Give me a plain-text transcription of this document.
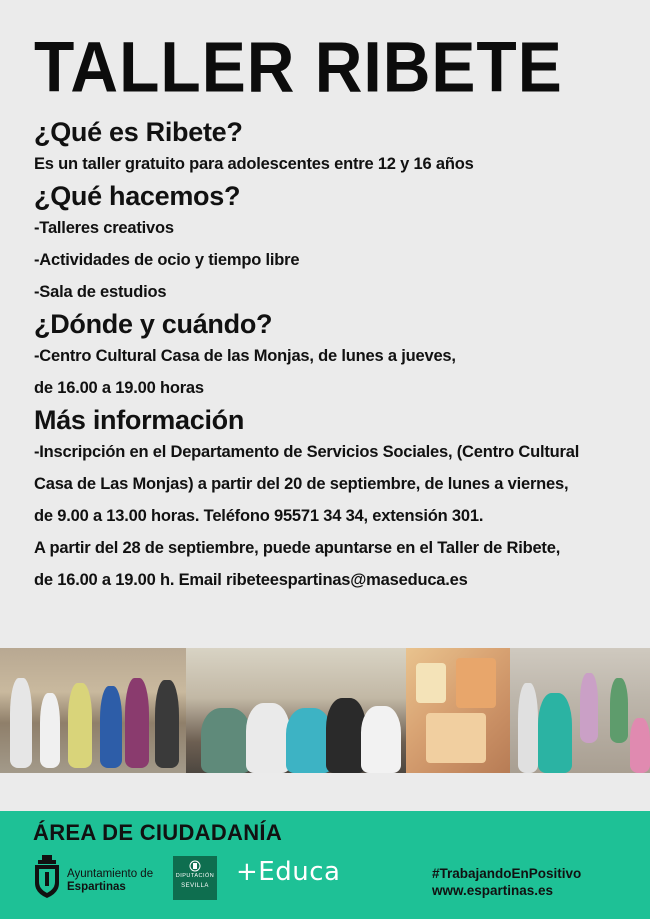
TALLER RIBETE

¿Qué es Ribete?

Es un taller gratuito para adolescentes entre 12 y 16 años

¿Qué hacemos?

-Talleres creativos

-Actividades de ocio y tiempo libre

-Sala de estudios

¿Dónde y cuándo?

-Centro Cultural Casa de las Monjas, de lunes a jueves,

de 16.00 a 19.00 horas

Más información

-Inscripción en el Departamento de Servicios Sociales, (Centro Cultural

Casa de Las Monjas) a partir del 20 de septiembre, de lunes a viernes,

de 9.00 a 13.00 horas. Teléfono 95571 34 34, extensión 301.

A partir del 28 de septiembre, puede apuntarse en el Taller de Ribete,

de 16.00 a 19.00 h. Email ribeteespartinas@maseduca.es

ÁREA DE CIUDADANÍA
Ayuntamiento de
Espartinas
DIPUTACIÓN
SEVILLA	+Educa	#TrabajandoEnPositivo
www.espartinas.es
